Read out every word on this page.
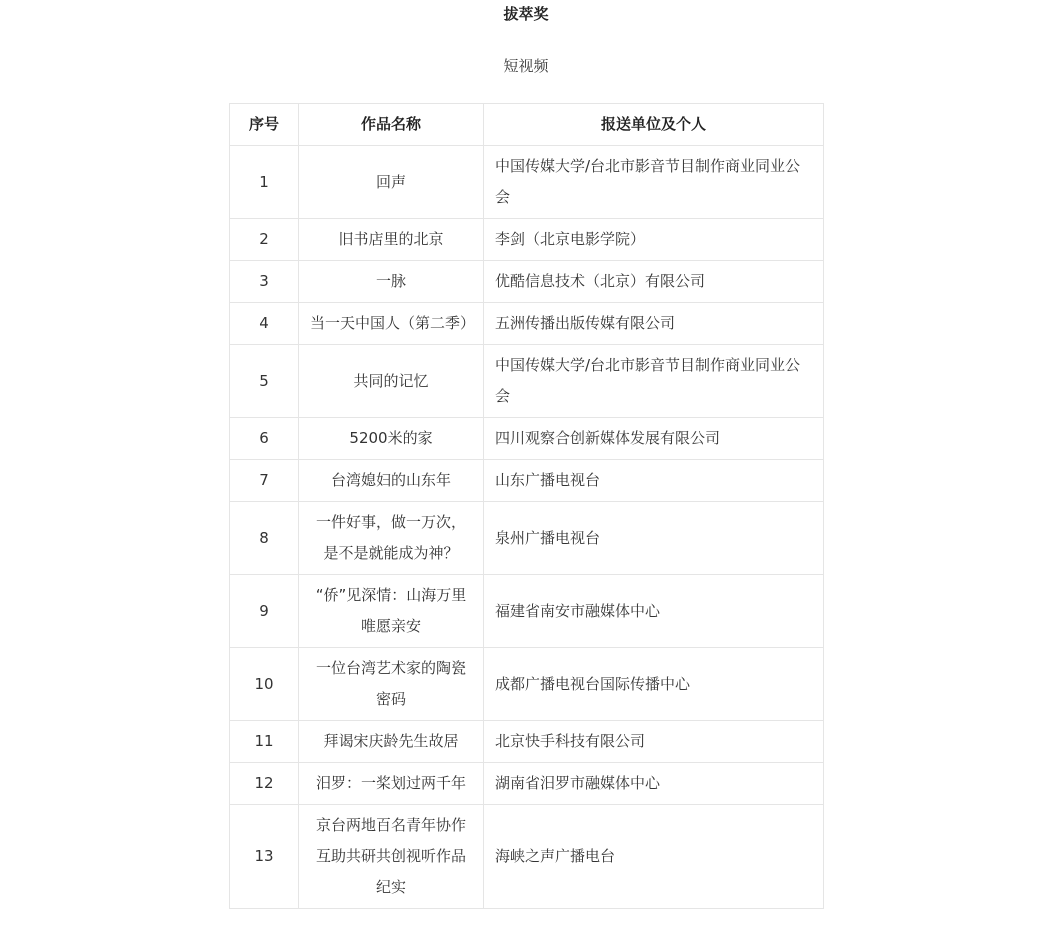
拔萃奖
短视频
序号	作品名称	报送单位及个人
1	回声	中国传媒大学/台北市影音节目制作商业同业公会
2	旧书店里的北京	李剑（北京电影学院）
3	一脉	优酷信息技术（北京）有限公司
4	当一天中国人（第二季）	五洲传播出版传媒有限公司
5	共同的记忆	中国传媒大学/台北市影音节目制作商业同业公会
6	5200米的家	四川观察合创新媒体发展有限公司
7	台湾媳妇的山东年	山东广播电视台
8	一件好事，做一万次，是不是就能成为神？	泉州广播电视台
9	“侨”见深情：山海万里 唯愿亲安	福建省南安市融媒体中心
10	一位台湾艺术家的陶瓷密码	成都广播电视台国际传播中心
11	拜谒宋庆龄先生故居	北京快手科技有限公司
12	汨罗：一桨划过两千年	湖南省汨罗市融媒体中心
13	京台两地百名青年协作互助共研共创视听作品纪实	海峡之声广播电台
